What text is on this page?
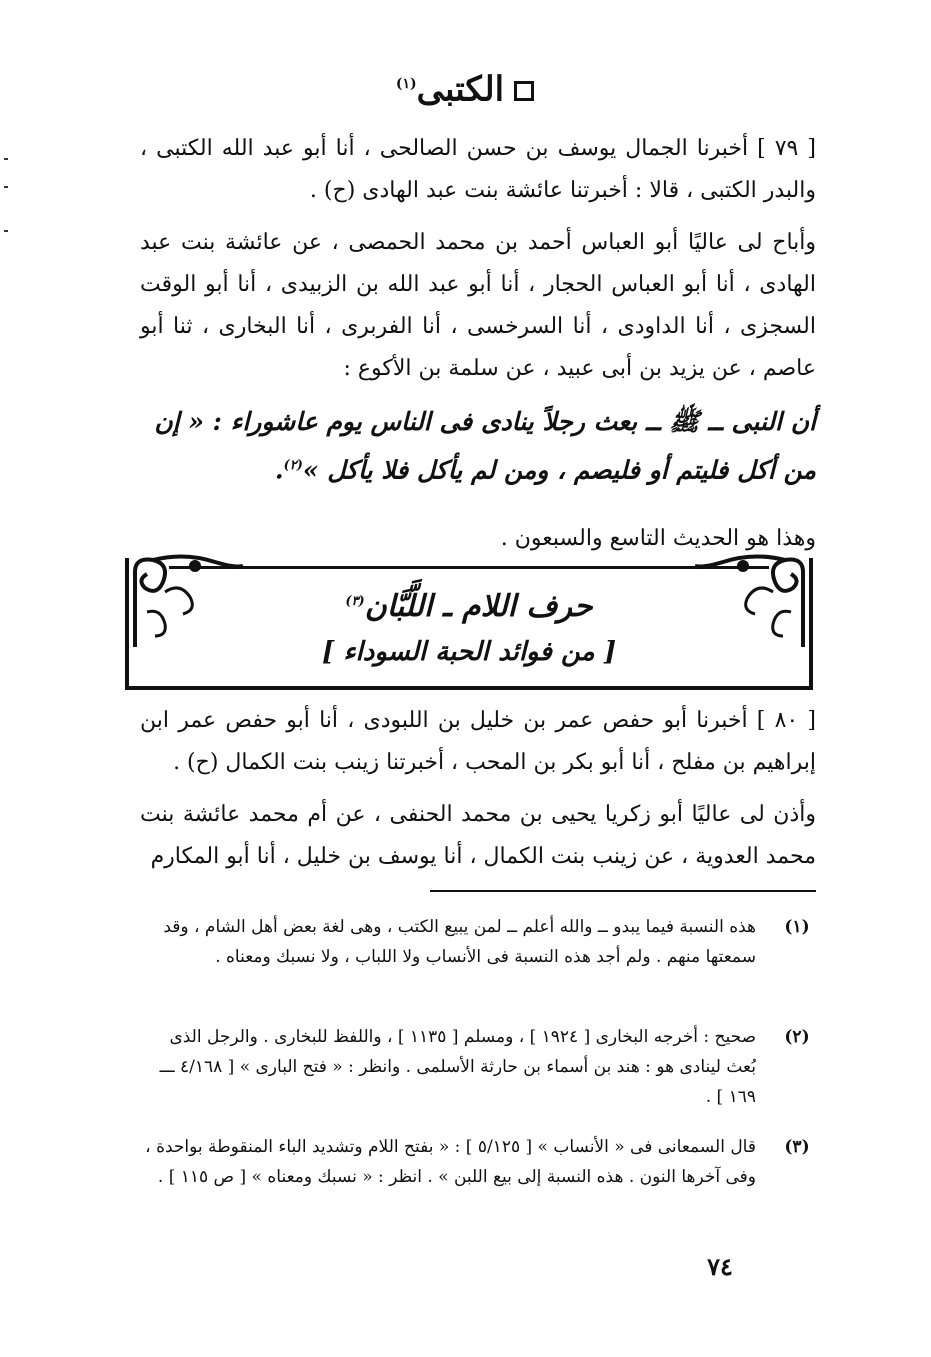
الكتبى$^{(١)}$
[ ٧٩ ] أخبرنا الجمال يوسف بن حسن الصالحى ، أنا أبو عبد الله الكتبى ، والبدر الكتبى ، قالا : أخبرتنا عائشة بنت عبد الهادى (ح) .
وأباح لى عاليًا أبو العباس أحمد بن محمد الحمصى ، عن عائشة بنت عبد الهادى ، أنا أبو العباس الحجار ، أنا أبو عبد الله بن الزبيدى ، أنا أبو الوقت السجزى ، أنا الداودى ، أنا السرخسى ، أنا الفربرى ، أنا البخارى ، ثنا أبو عاصم ، عن يزيد بن أبى عبيد ، عن سلمة بن الأكوع :
أن النبى ــ ﷺ ــ بعث رجلاً ينادى فى الناس يوم عاشوراء : « إن من أكل فليتم أو فليصم ، ومن لم يأكل فلا يأكل »$^{(٢)}$.
وهذا هو الحديث التاسع والسبعون .
حرف اللام ـ اللَّبَّان$^{(٣)}$
[ من فوائد الحبة السوداء ]
[ ٨٠ ] أخبرنا أبو حفص عمر بن خليل بن اللبودى ، أنا أبو حفص عمر ابن إبراهيم بن مفلح ، أنا أبو بكر بن المحب ، أخبرتنا زينب بنت الكمال (ح) .
وأذن لى عاليًا أبو زكريا يحيى بن محمد الحنفى ، عن أم محمد عائشة بنت محمد العدوية ، عن زينب بنت الكمال ، أنا يوسف بن خليل ، أنا أبو المكارم
(١)
هذه النسبة فيما يبدو ــ والله أعلم ــ لمن يبيع الكتب ، وهى لغة بعض أهل الشام ، وقد سمعتها منهم . ولم أجد هذه النسبة فى الأنساب ولا اللباب ، ولا نسبك ومعناه .
(٢)
صحيح : أخرجه البخارى [ ١٩٢٤ ] ، ومسلم [ ١١٣٥ ] ، واللفظ للبخارى . والرجل الذى بُعث لينادى هو : هند بن أسماء بن حارثة الأسلمى . وانظر : « فتح البارى » [ ٤/١٦٨ ـــ ١٦٩ ] .
(٣)
قال السمعانى فى « الأنساب » [ ٥/١٢٥ ] : « بفتح اللام وتشديد الباء المنقوطة بواحدة ، وفى آخرها النون . هذه النسبة إلى بيع اللبن » . انظر : « نسبك ومعناه » [ ص ١١٥ ] .
٧٤
